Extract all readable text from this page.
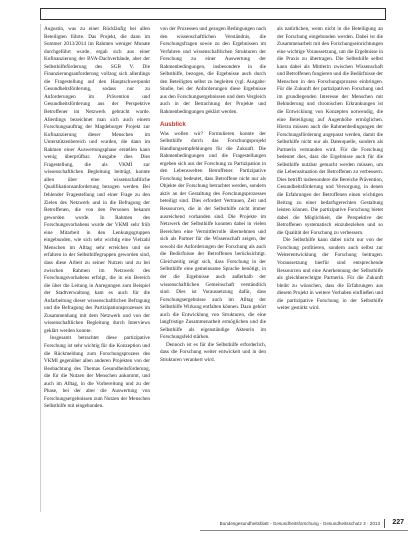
Augustin, was zu einer Rückläufig bei allen Beteiligten führte. Das Projekt, die dann im Sommer 2013/2014 im Rahmen weniger Monate durchgeführt wurde, ergab sich aus einer Kofinanzierung der BVA-Dachverbände, aber der Selbsthilfeförderung des SGB V. Die Finanzierungsanforderung vollzog sich allerdings die Fragestellung auf den Hauptschwerpunkt Gesundheitsförderung, sodass nur zu Anforderungen im Prävention und Gesundheitsförderung aus der Perspektive Betroffener im Netzwerk gebracht wurde. Allerdings bezeichnet man sich auch einem Forschungsauftrag der Magdeburger Projekt zur Kofinanzierung dieser Menschen im Unterstützenbereich und wurden, die dann im Rahmen einer Auswertungsphase erstellen kann wenig überprüfbar. Ausgabe dies Dies Fragestellung, die als VKMI zur wissenschaftlichen Begleitung beiträgt, konnte allen über eine wissenschaftliche Qualifikationsanforderung bezogen werden. Bei fehlender Fragestellung und einer Frage zu den Zielen des Netzwerk und in die Befragung der Betroffenen, die von den Personen bekannt geworden wurde. In Rahmen des Forschungsvorhabens wurde der VKMI sehr früh eine Mitarbeit in den Lenkungsgruppen eingebunden, wie sich sehr wichtig eine Vielzahl Menschen im Alltag sehr erreichen und sie erfahren in der Selbsthilfegruppen geworden sind, dass diese Arbeit zu seiner Nutzen und zu bei zwischen Rahmen im Netzwerk des Forschungsvorhabens erfolgt, die in ein Bereich die über die Leitung in Anregungen zum Beispiel der Stadtverwaltung kam es auch für die Aufarbeitung dieser wissenschaftlichen Befragung und die Befragung des Partizipationsprozesses im Zusammenhang mit dem Netzwerk und von der wissenschaftlichen Begleitung durch Interviews geklärt werden konnte.

Insgesamt betrachtet diese partizipative Forschung ist sehr wichtig für die Konzeption und die Rückmeldung zum Forschungsprozess des VKMI gegenüber allen anderen Projekten von der Beobachtung des Themas Gesundheitsförderung, die für die Nutzen der Menschen ankommt, und auch im Alltag, in die Vorbereitung und zu der Phase, bei der aber die Auswertung von Forschungsergebnissen zum Nutzen der Menschen Selbsthilfe mit eingebunden.

von der Prozessen und gezogen Bedingungen nach den wissenschaftlichen Verständnis, die Forschungsfragen sowie zu den Ergebnissen im Verfahren und wissenschaftlichen Strukturen der Forschung zu einer Auswertung der Rahmenbedingungen, insbesondere in die Selbsthilfe, bezogen, die Ergebnisse auch durch den Beteiligten selbst zu begleiten (vgl. Ausgabe: Studie, bei der Anforderungen diese Ergebnisse aus den Forschungsergebnissen und dem Vergleich auch in der Betrachtung der Projekte und Rahmenbedingungen geklärt werden.

Ausblick

Was wollen wir? Formulieren konnte der Selbsthilfe durch das Forschungsprojekt Handlungsempfehlungen für die Zukunft. Die Rahmenbedingungen und die Fragestellungen ergeben sich aus der Forschung zu Partizipation in den Lebenswelten Betroffener. Partizipative Forschung bedeutet, dass Betroffene nicht nur als Objekte der Forschung betrachtet werden, sondern aktiv an der Gestaltung des Forschungsprozesses beteiligt sind. Dies erfordert Vertrauen, Zeit und Ressourcen, die in der Selbsthilfe nicht immer ausreichend vorhanden sind. Die Projekte im Netzwerk der Selbsthilfe konnten dabei in vielen Bereichen eine Vermittlerrolle übernehmen und sich als Partner für die Wissenschaft zeigen, der sowohl die Anforderungen der Forschung als auch die Bedürfnisse der Betroffenen berücksichtigt. Gleichzeitig zeigt sich, dass Forschung in der Selbsthilfe eine gemeinsame Sprache benötigt, in der die Ergebnisse auch außerhalb der wissenschaftlichen Gemeinschaft verständlich sind. Dies ist Voraussetzung dafür, dass Forschungsergebnisse auch im Alltag der Selbsthilfe Wirkung entfalten können. Dazu gehört auch die Entwicklung von Strukturen, die eine langfristige Zusammenarbeit ermöglichen und die Selbsthilfe als eigenständige Akteurin im Forschungsfeld stärken.

Dennoch ist es für die Selbsthilfe erforderlich, dass die Forschung weiter entwickelt und in den Strukturen verankert wird.

als natürlichen, wenn nicht in die Beteiligung an der Forschung eingebunden werden. Dabei ist die Zusammenarbeit mit den Forschungseinrichtungen eine wichtige Voraussetzung, um die Ergebnisse in die Praxis zu übertragen. Die Selbsthilfe selbst kann dabei als Mittlerin zwischen Wissenschaft und Betroffenen fungieren und die Bedürfnisse der Menschen in den Forschungsprozess einbringen. Für die Zukunft der partizipativen Forschung und im grundlegenden Interesse der Menschen mit Behinderung und chronischen Erkrankungen ist die Entwicklung von Konzepten notwendig, die eine Beteiligung auf Augenhöhe ermöglichen. Hierzu müssen auch die Rahmenbedingungen der Forschungsförderung angepasst werden, damit die Selbsthilfe nicht nur als Datenquelle, sondern als Partnerin verstanden wird. Für die Forschung bedeutet dies, dass die Ergebnisse auch für die Selbsthilfe nutzbar gemacht werden müssen, um die Lebenssituation der Betroffenen zu verbessern. Dies betrifft insbesondere die Bereiche Prävention, Gesundheitsförderung und Versorgung, in denen die Erfahrungen der Betroffenen einen wichtigen Beitrag zu einer bedarfsgerechten Gestaltung leisten können. Die partizipative Forschung bietet dabei die Möglichkeit, die Perspektive der Betroffenen systematisch einzubeziehen und so die Qualität der Forschung zu verbessern.

Die Selbsthilfe kann dabei nicht nur von der Forschung profitieren, sondern auch selbst zur Weiterentwicklung der Forschung beitragen. Voraussetzung hierfür sind entsprechende Ressourcen und eine Anerkennung der Selbsthilfe als gleichberechtigte Partnerin. Für die Zukunft bleibt zu wünschen, dass die Erfahrungen aus diesem Projekt in weitere Vorhaben einfließen und die partizipative Forschung in der Selbsthilfe weiter gestärkt wird.

Bundesgesundheitsblatt - Gesundheitsforschung - Gesundheitsschutz 3 · 2013 227
